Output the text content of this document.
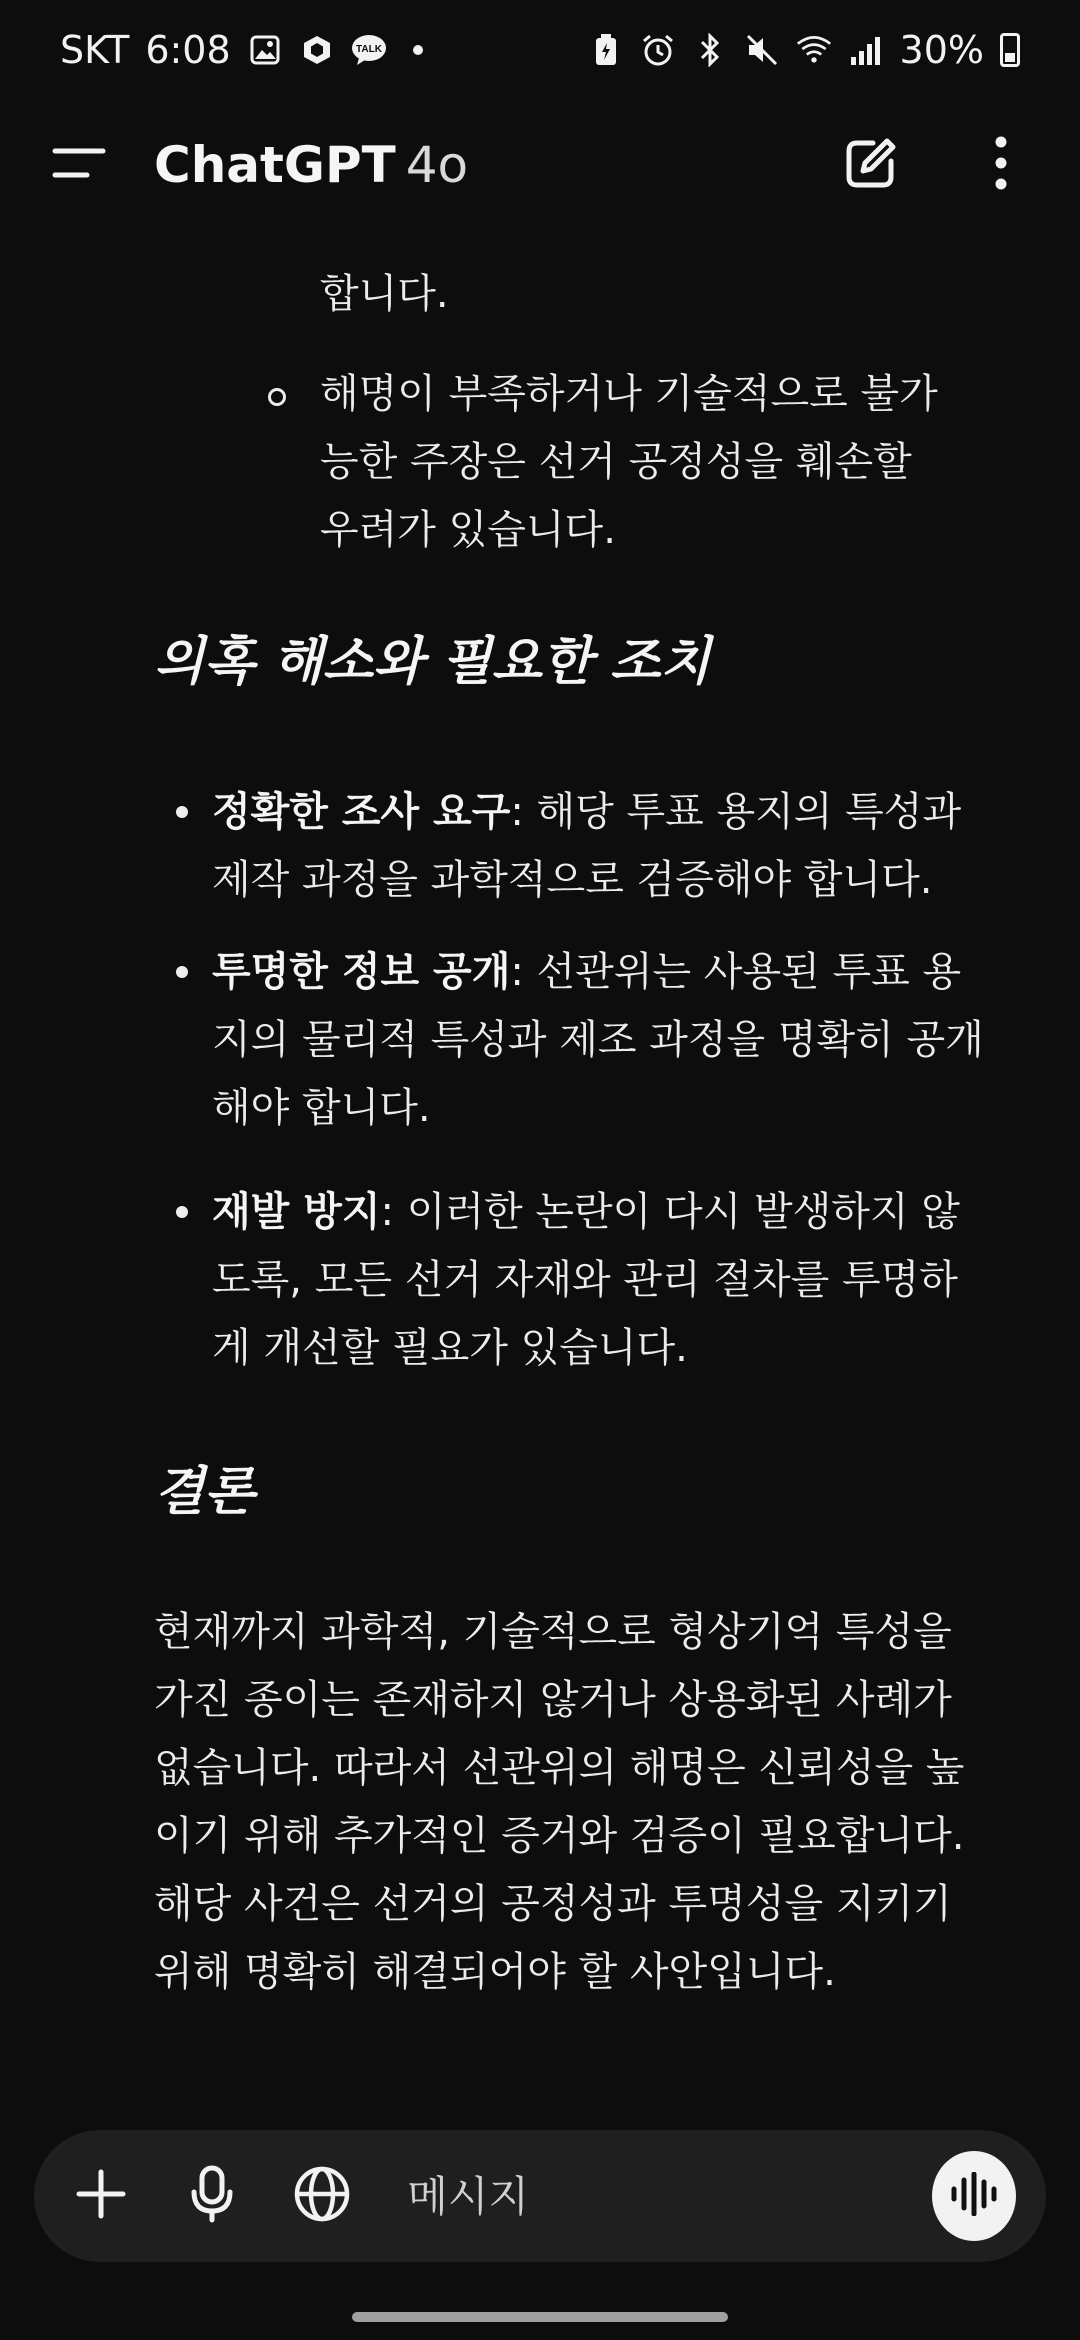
SKT 6:08	TALK	30%
ChatGPT 4o
합니다.
해명이 부족하거나 기술적으로 불가능한 주장은 선거 공정성을 훼손할 우려가 있습니다.
의혹 해소와 필요한 조치
정확한 조사 요구: 해당 투표 용지의 특성과 제작 과정을 과학적으로 검증해야 합니다.
투명한 정보 공개: 선관위는 사용된 투표 용지의 물리적 특성과 제조 과정을 명확히 공개해야 합니다.
재발 방지: 이러한 논란이 다시 발생하지 않도록, 모든 선거 자재와 관리 절차를 투명하게 개선할 필요가 있습니다.
결론
현재까지 과학적, 기술적으로 형상기억 특성을 가진 종이는 존재하지 않거나 상용화된 사례가 없습니다. 따라서 선관위의 해명은 신뢰성을 높이기 위해 추가적인 증거와 검증이 필요합니다. 해당 사건은 선거의 공정성과 투명성을 지키기 위해 명확히 해결되어야 할 사안입니다.
메시지
